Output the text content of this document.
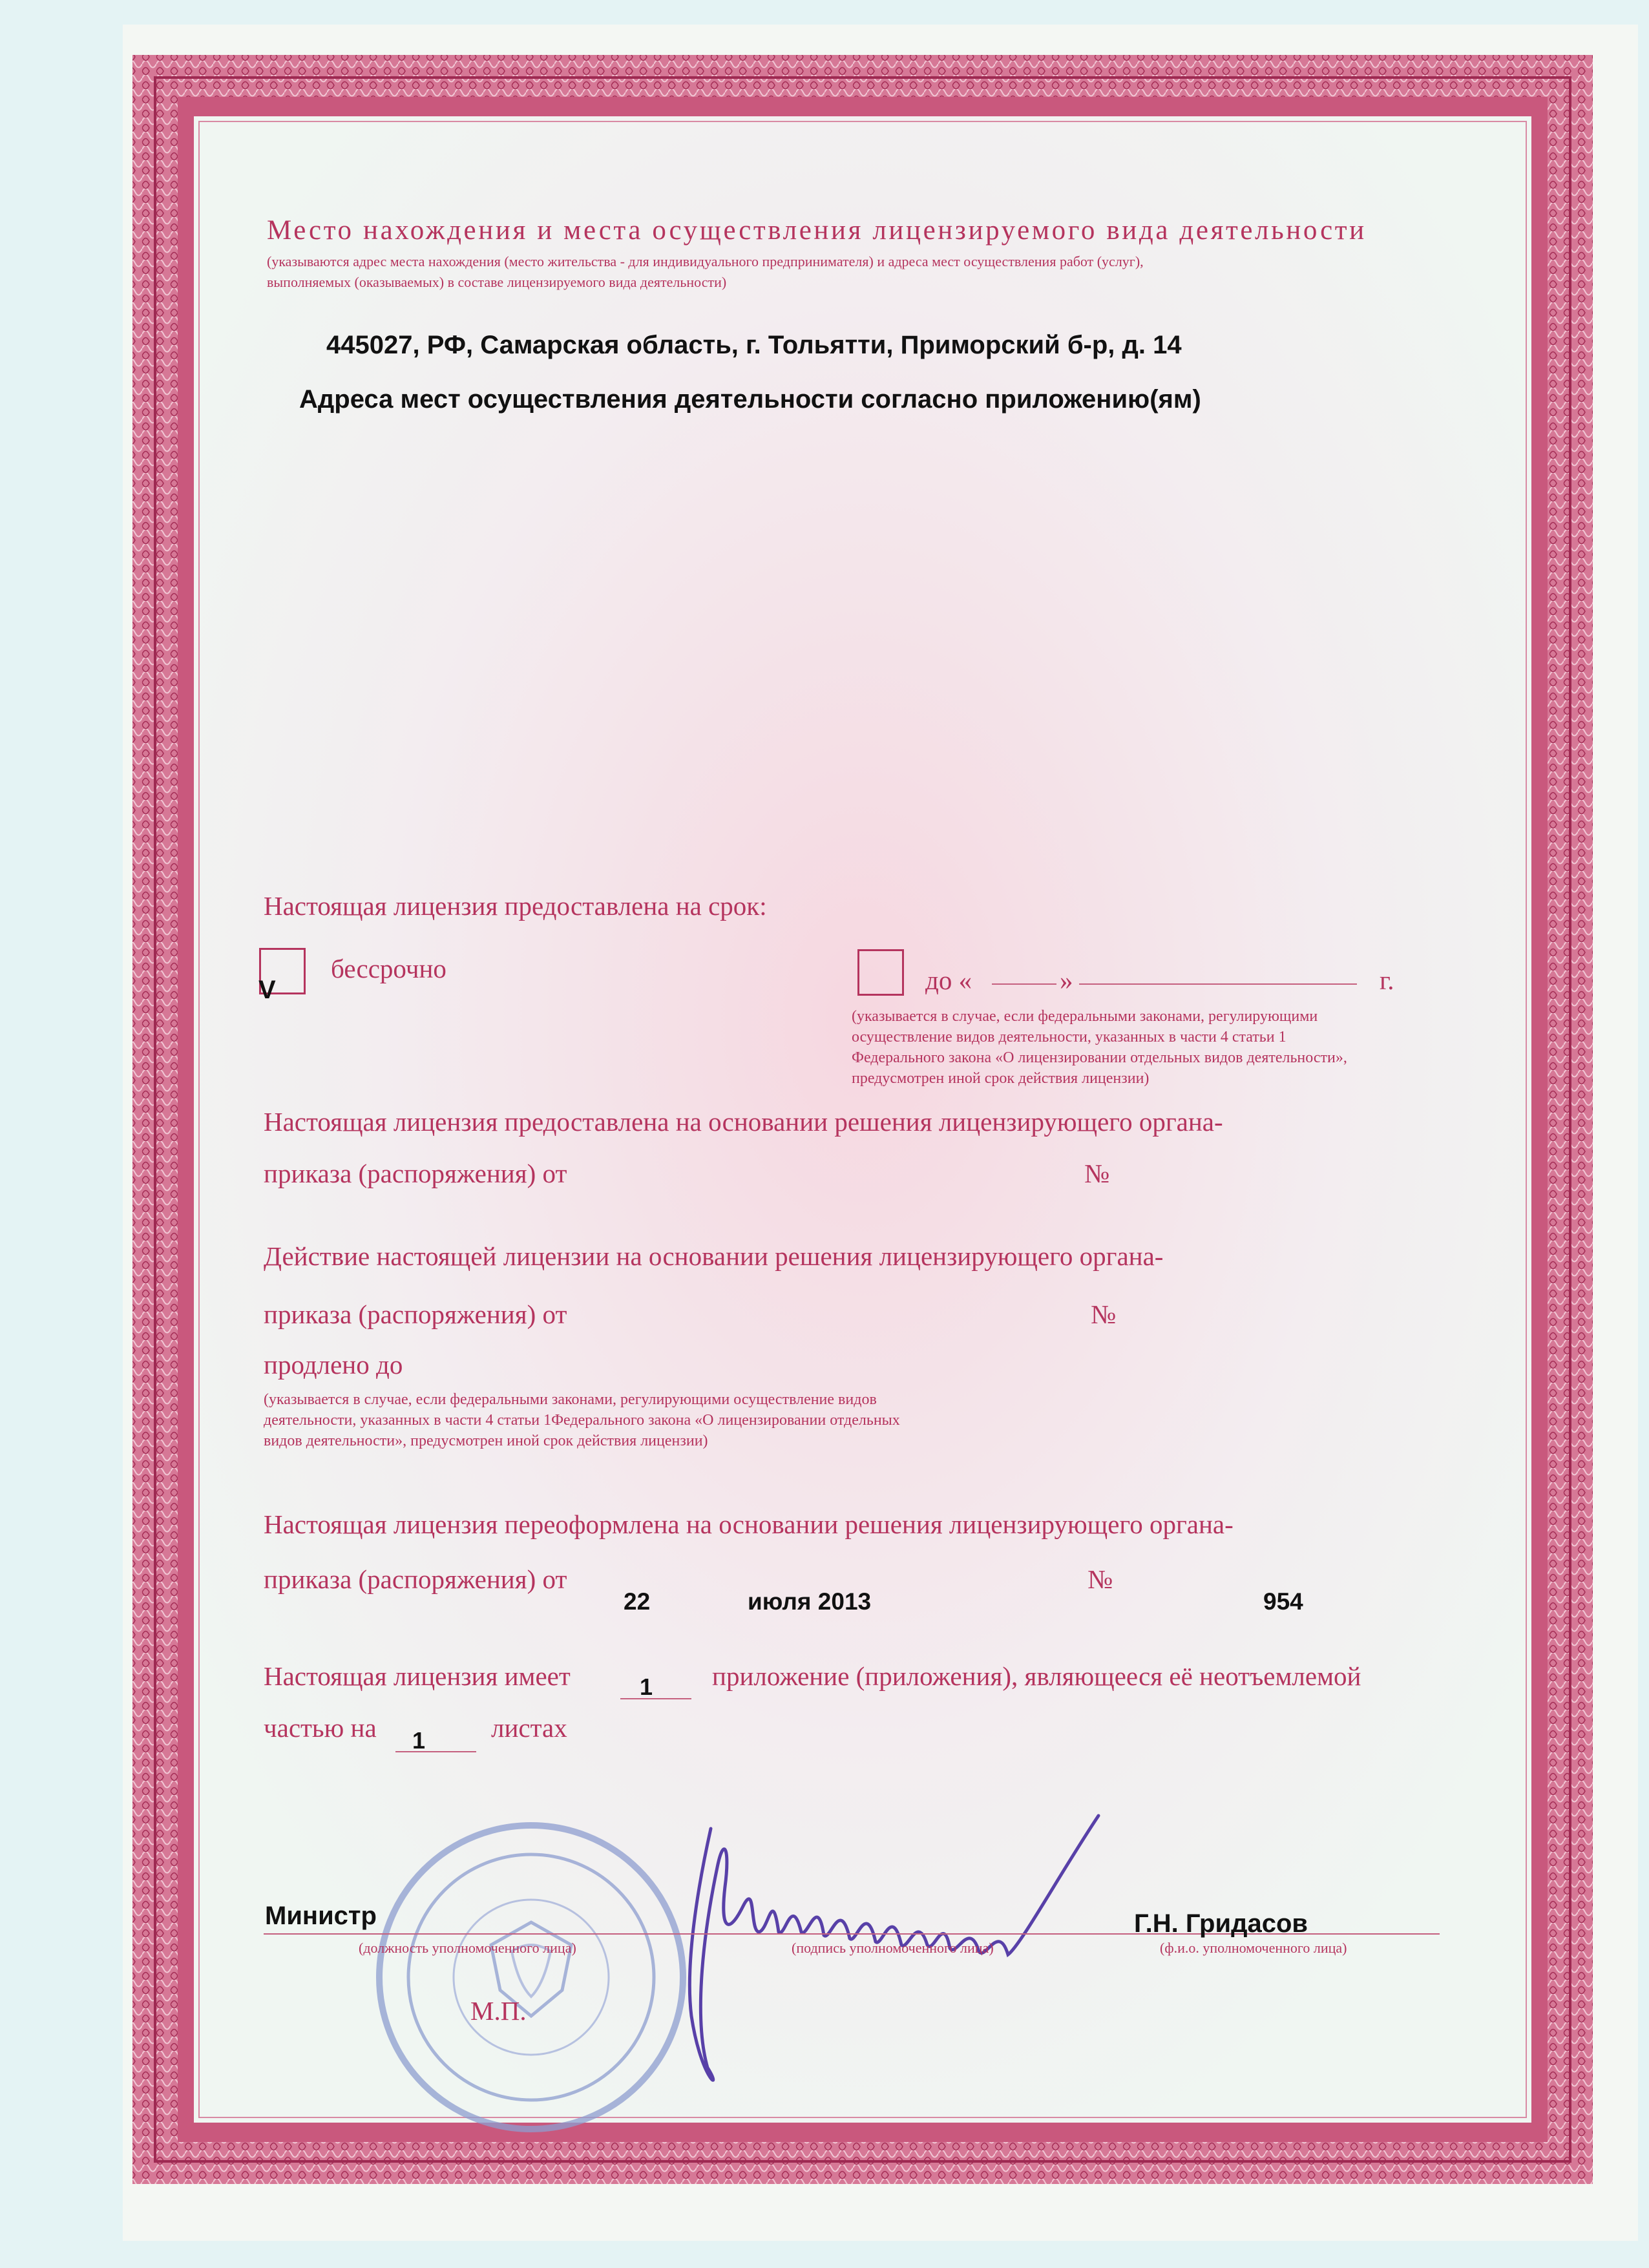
Место нахождения и места осуществления лицензируемого вида деятельности

(указываются адрес места нахождения (место жительства - для индивидуального предпринимателя) и адреса мест осуществления работ (услуг),

выполняемых (оказываемых) в составе лицензируемого вида деятельности)

445027, РФ, Самарская область, г. Тольятти, Приморский б-р, д. 14

Адреса мест осуществления деятельности согласно приложению(ям)

Настоящая лицензия предоставлена на срок:

V

бессрочно	до «	»	г.

(указывается в случае, если федеральными законами, регулирующими

осуществление видов деятельности, указанных в части 4 статьи 1

Федерального закона «О лицензировании отдельных видов деятельности»,

предусмотрен иной срок действия лицензии)

Настоящая лицензия предоставлена на основании решения лицензирующего органа-

приказа (распоряжения) от	№

Действие настоящей лицензии на основании решения лицензирующего органа-

приказа (распоряжения) от	№

продлено до

(указывается в случае, если федеральными законами, регулирующими осуществление видов

деятельности, указанных в части 4 статьи 1Федерального закона «О лицензировании отдельных

видов деятельности», предусмотрен иной срок действия лицензии)

Настоящая лицензия переоформлена на основании решения лицензирующего органа-

приказа (распоряжения) от

22	июля 2013

№

954

Настоящая лицензия имеет	1 приложение (приложения), являющееся её неотъемлемой

частью на 1 листах

Министр

(должность уполномоченного лица)	(подпись уполномоченного лица)

Г.Н. Гридасов

(ф.и.о. уполномоченного лица)

М.П.
